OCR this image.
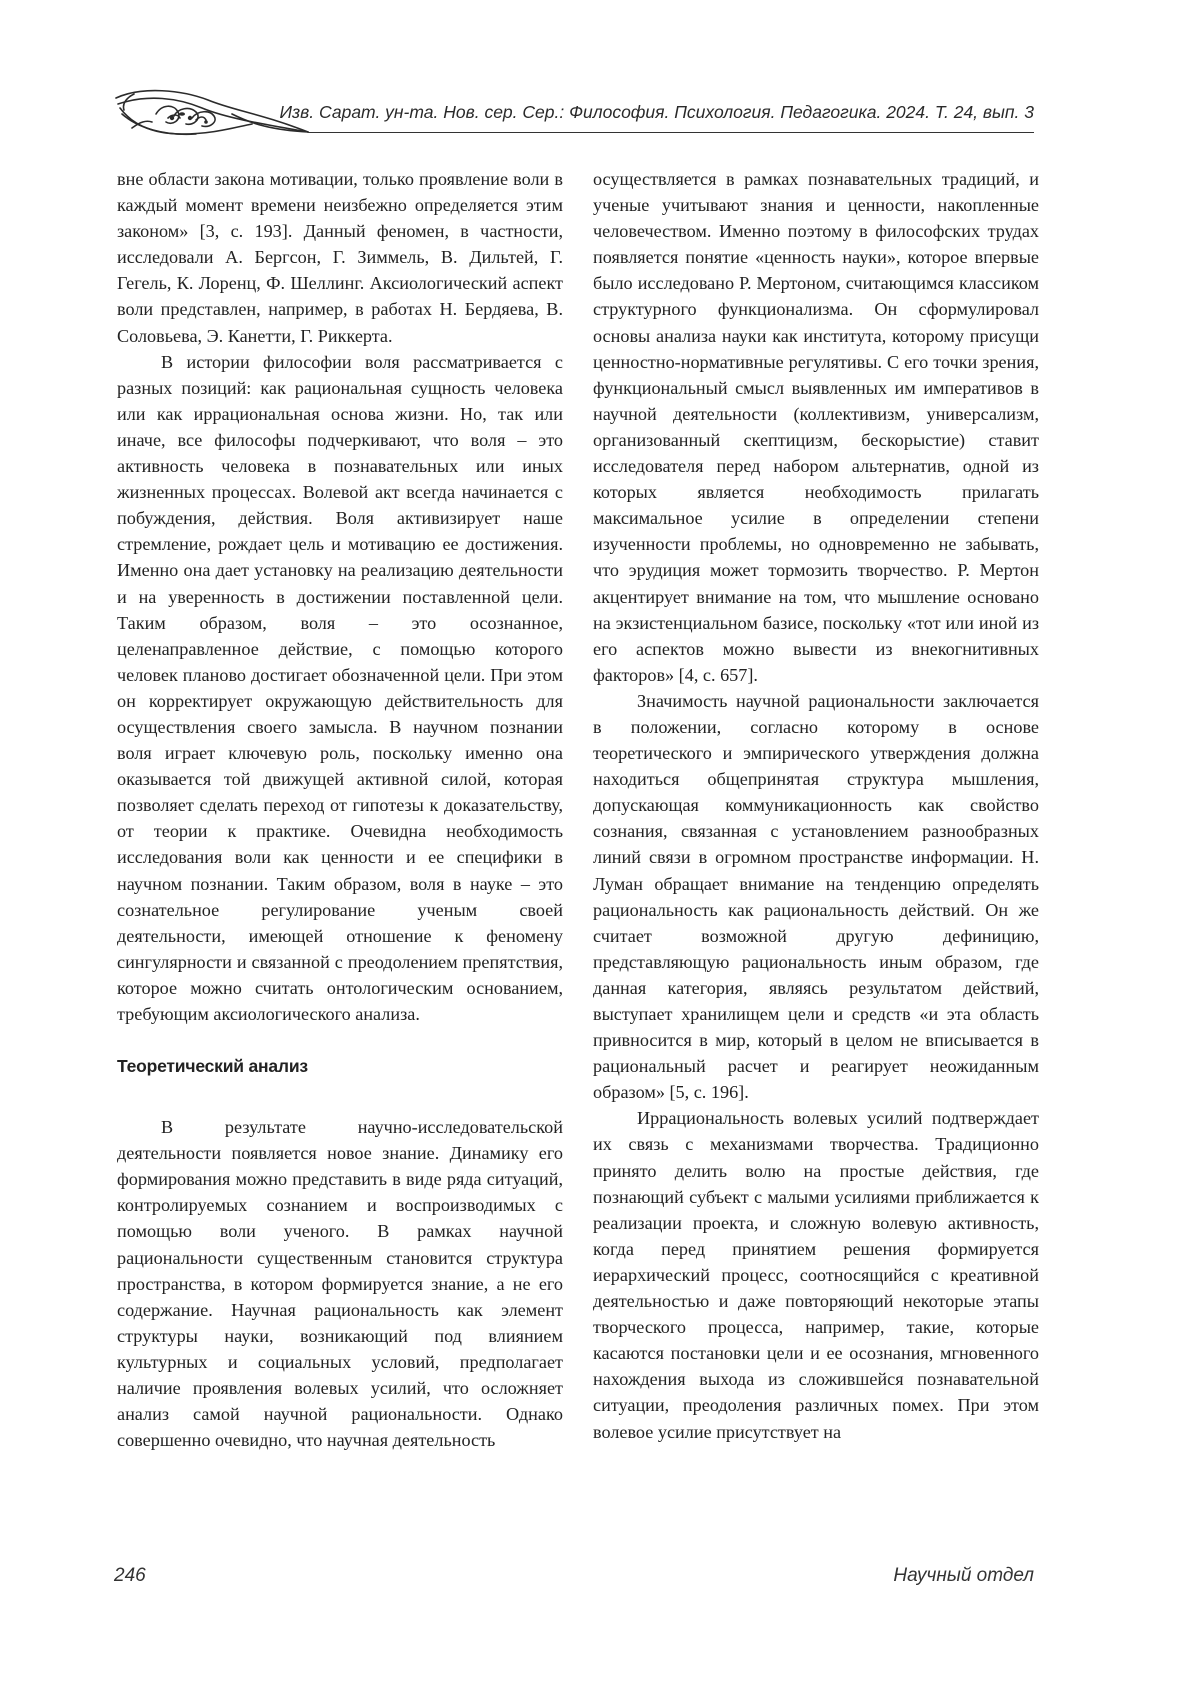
Изв. Сарат. ун-та. Нов. сер. Сер.: Философия. Психология. Педагогика. 2024. Т. 24, вып. 3

вне области закона мотивации, только проявление воли в каждый момент времени неизбежно определяется этим законом» [3, с. 193]. Данный феномен, в частности, исследовали А. Бергсон, Г. Зиммель, В. Дильтей, Г. Гегель, К. Лоренц, Ф. Шеллинг. Аксиологический аспект воли представлен, например, в работах Н. Бердяева, В. Соловьева, Э. Канетти, Г. Риккерта.

В истории философии воля рассматривается с разных позиций: как рациональная сущность человека или как иррациональная основа жизни. Но, так или иначе, все философы подчеркивают, что воля – это активность человека в познавательных или иных жизненных процессах. Волевой акт всегда начинается с побуждения, действия. Воля активизирует наше стремление, рождает цель и мотивацию ее достижения. Именно она дает установку на реализацию деятельности и на уверенность в достижении поставленной цели. Таким образом, воля – это осознанное, целенаправленное действие, с помощью которого человек планово достигает обозначенной цели. При этом он корректирует окружающую действительность для осуществления своего замысла. В научном познании воля играет ключевую роль, поскольку именно она оказывается той движущей активной силой, которая позволяет сделать переход от гипотезы к доказательству, от теории к практике. Очевидна необходимость исследования воли как ценности и ее специфики в научном познании. Таким образом, воля в науке – это сознательное регулирование ученым своей деятельности, имеющей отношение к феномену сингулярности и связанной с преодолением препятствия, которое можно считать онтологическим основанием, требующим аксиологического анализа.

Теоретический анализ

В результате научно-исследовательской деятельности появляется новое знание. Динамику его формирования можно представить в виде ряда ситуаций, контролируемых сознанием и воспроизводимых с помощью воли ученого. В рамках научной рациональности существенным становится структура пространства, в котором формируется знание, а не его содержание. Научная рациональность как элемент структуры науки, возникающий под влиянием культурных и социальных условий, предполагает наличие проявления волевых усилий, что осложняет анализ самой научной рациональности. Однако совершенно очевидно, что научная деятельность

осуществляется в рамках познавательных традиций, и ученые учитывают знания и ценности, накопленные человечеством. Именно поэтому в философских трудах появляется понятие «ценность науки», которое впервые было исследовано Р. Мертоном, считающимся классиком структурного функционализма. Он сформулировал основы анализа науки как института, которому присущи ценностно-нормативные регулятивы. С его точки зрения, функциональный смысл выявленных им императивов в научной деятельности (коллективизм, универсализм, организованный скептицизм, бескорыстие) ставит исследователя перед набором альтернатив, одной из которых является необходимость прилагать максимальное усилие в определении степени изученности проблемы, но одновременно не забывать, что эрудиция может тормозить творчество. Р. Мертон акцентирует внимание на том, что мышление основано на экзистенциальном базисе, поскольку «тот или иной из его аспектов можно вывести из внекогнитивных факторов» [4, с. 657].

Значимость научной рациональности заключается в положении, согласно которому в основе теоретического и эмпирического утверждения должна находиться общепринятая структура мышления, допускающая коммуникационность как свойство сознания, связанная с установлением разнообразных линий связи в огромном пространстве информации. Н. Луман обращает внимание на тенденцию определять рациональность как рациональность действий. Он же считает возможной другую дефиницию, представляющую рациональность иным образом, где данная категория, являясь результатом действий, выступает хранилищем цели и средств «и эта область привносится в мир, который в целом не вписывается в рациональный расчет и реагирует неожиданным образом» [5, с. 196].

Иррациональность волевых усилий подтверждает их связь с механизмами творчества. Традиционно принято делить волю на простые действия, где познающий субъект с малыми усилиями приближается к реализации проекта, и сложную волевую активность, когда перед принятием решения формируется иерархический процесс, соотносящийся с креативной деятельностью и даже повторяющий некоторые этапы творческого процесса, например, такие, которые касаются постановки цели и ее осознания, мгновенного нахождения выхода из сложившейся познавательной ситуации, преодоления различных помех. При этом волевое усилие присутствует на

246	Научный отдел
